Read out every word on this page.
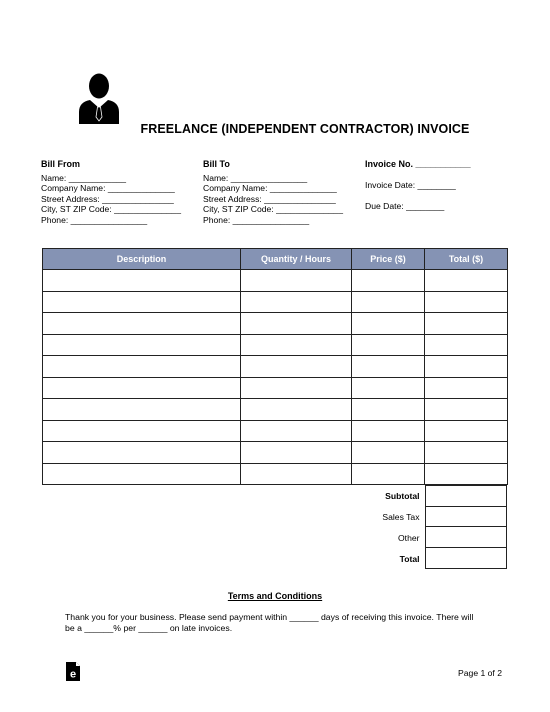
FREELANCE (INDEPENDENT CONTRACTOR) INVOICE
Bill From
Name: ____________
Company Name: ______________
Street Address: _______________
City, ST ZIP Code: ______________
Phone: ________________
Bill To
Name: ________________
Company Name: ______________
Street Address: _______________
City, ST ZIP Code: ______________
Phone: ________________
Invoice No. ___________
Invoice Date: ________
Due Date: ________
Description	Quantity / Hours	Price ($)	Total ($)

Subtotal
Sales Tax
Other
Total
Terms and Conditions
Thank you for your business. Please send payment within ______ days of receiving this invoice. There will be a ______% per ______ on late invoices.
e	Page 1 of 2
